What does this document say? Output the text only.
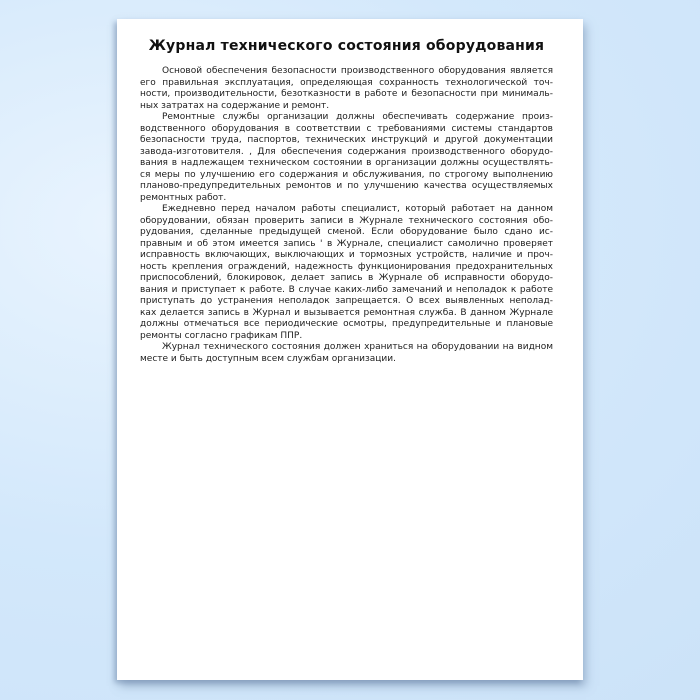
Журнал технического состояния оборудования
Основой обеспечения безопасности производственного оборудования является
его правильная эксплуатация, определяющая сохранность технологической точ-
ности, производительности, безотказности в работе и безопасности при минималь-
ных затратах на содержание и ремонт.
Ремонтные службы организации должны обеспечивать содержание произ-
водственного оборудования в соответствии с требованиями системы стандартов
безопасности труда, паспортов, технических инструкций и другой документации
завода-изготовителя. , Для обеспечения содержания производственного оборудо-
вания в надлежащем техническом состоянии в организации должны осуществлять-
ся меры по улучшению его содержания и обслуживания, по строгому выполнению
планово-предупредительных ремонтов и по улучшению качества осуществляемых
ремонтных работ.
Ежедневно перед началом работы специалист, который работает на данном
оборудовании, обязан проверить записи в Журнале технического состояния обо-
рудования, сделанные предыдущей сменой. Если оборудование было сдано ис-
правным и об этом имеется запись ' в Журнале, специалист самолично проверяет
исправность включающих, выключающих и тормозных устройств, наличие и проч-
ность крепления ограждений, надежность функционирования предохранительных
приспособлений, блокировок, делает запись в Журнале об исправности оборудо-
вания и приступает к работе. В случае каких-либо замечаний и неполадок к работе
приступать до устранения неполадок запрещается. О всех выявленных неполад-
ках делается запись в Журнал и вызывается ремонтная служба. В данном Журнале
должны отмечаться все периодические осмотры, предупредительные и плановые
ремонты согласно графикам ППР.
Журнал технического состояния должен храниться на оборудовании на видном
месте и быть доступным всем службам организации.
